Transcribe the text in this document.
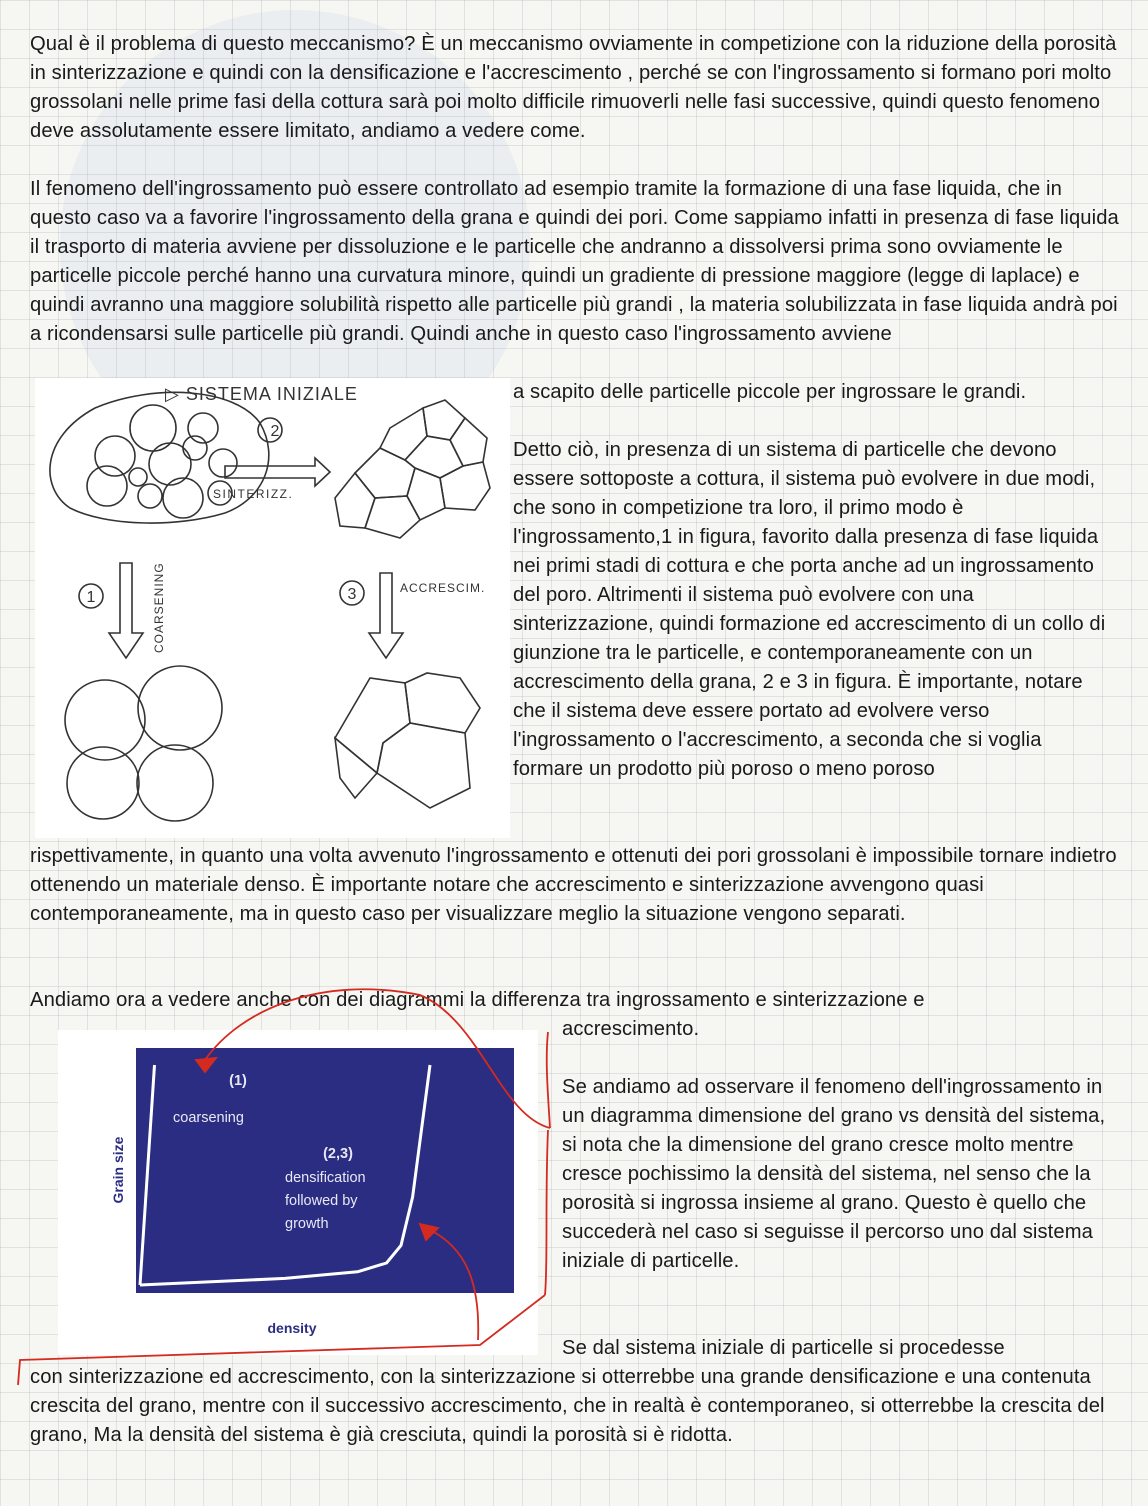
Qual è il problema di questo meccanismo? È un meccanismo ovviamente in competizione con la riduzione della porosità in sinterizzazione e quindi con la densificazione e l'accrescimento , perché se con l'ingrossamento si formano pori molto grossolani nelle prime fasi della cottura sarà poi molto difficile rimuoverli nelle fasi successive, quindi questo fenomeno deve assolutamente essere limitato, andiamo a vedere come.

Il fenomeno dell'ingrossamento può essere controllato ad esempio tramite la formazione di una fase liquida, che in questo caso va a favorire l'ingrossamento della grana e quindi dei pori. Come sappiamo infatti in presenza di fase liquida il trasporto di materia avviene per dissoluzione e le particelle che andranno a dissolversi prima sono ovviamente le particelle piccole perché hanno una curvatura minore, quindi un gradiente di pressione maggiore (legge di laplace) e quindi avranno una maggiore solubilità rispetto alle particelle più grandi , la materia solubilizzata in fase liquida andrà poi a ricondensarsi sulle particelle più grandi. Quindi anche in questo caso l'ingrossamento avviene

2
1	3
▷ SISTEMA INIZIALE
SINTERIZZ.
ACCRESCIM.
COARSENING

a scapito delle particelle piccole per ingrossare le grandi.

Detto ciò, in presenza di un sistema di particelle che devono essere sottoposte a cottura, il sistema può evolvere in due modi, che sono in competizione tra loro, il primo modo è l'ingrossamento,1 in figura, favorito dalla presenza di fase liquida nei primi stadi di cottura e che porta anche ad un ingrossamento del poro. Altrimenti il sistema può evolvere con una sinterizzazione, quindi formazione ed accrescimento di un collo di giunzione tra le particelle, e contemporaneamente con un accrescimento della grana, 2 e 3 in figura. È importante, notare che il sistema deve essere portato ad evolvere verso l'ingrossamento o l'accrescimento, a seconda che si voglia formare un prodotto più poroso o meno poroso

rispettivamente, in quanto una volta avvenuto l'ingrossamento e ottenuti dei pori grossolani è impossibile tornare indietro ottenendo un materiale denso. È importante notare che accrescimento e sinterizzazione avvengono quasi contemporaneamente, ma in questo caso per visualizzare meglio la situazione vengono separati.

Andiamo ora a vedere anche con dei diagrammi la differenza tra ingrossamento e sinterizzazione e

accrescimento.

Grain size
density
(1)
coarsening
(2,3)
densification
followed by
growth

Se andiamo ad osservare il fenomeno dell'ingrossamento in un diagramma dimensione del grano vs densità del sistema, si nota che la dimensione del grano cresce molto mentre cresce pochissimo la densità del sistema, nel senso che la porosità si ingrossa insieme al grano. Questo è quello che succederà nel caso si seguisse il percorso uno dal sistema iniziale di particelle.

Se dal sistema iniziale di particelle si procedesse

con sinterizzazione ed accrescimento, con la sinterizzazione si otterrebbe una grande densificazione e una contenuta crescita del grano, mentre con il successivo accrescimento, che in realtà è contemporaneo, si otterrebbe la crescita del grano, Ma la densità del sistema è già cresciuta, quindi la porosità si è ridotta.
